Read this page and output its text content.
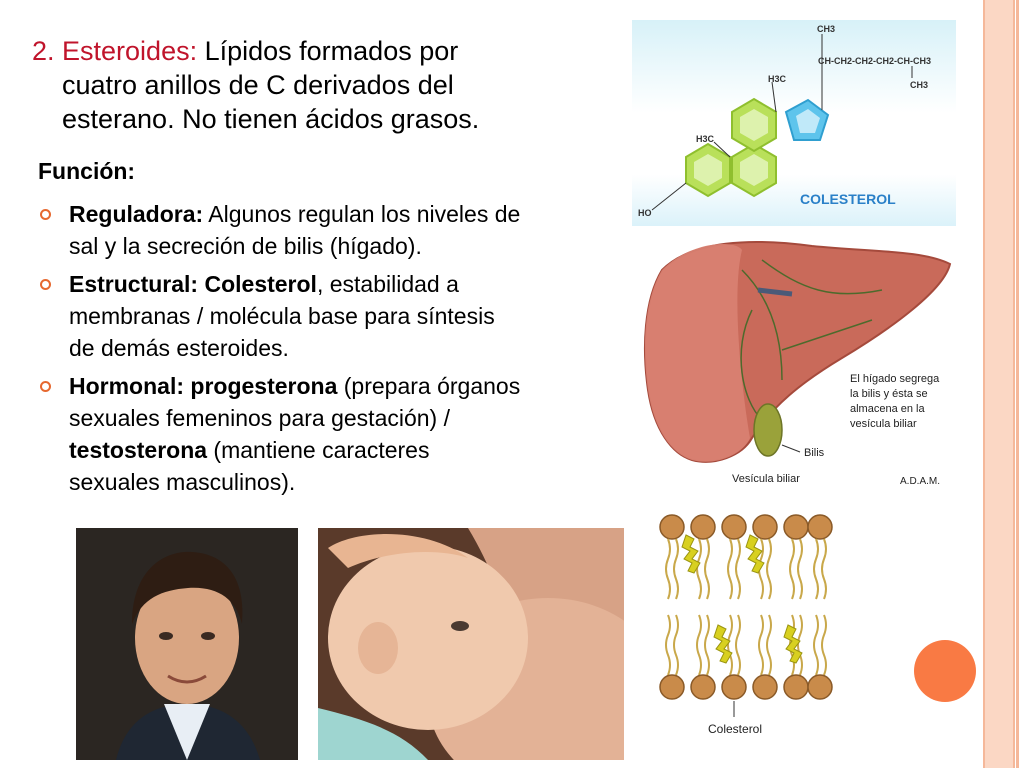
2. Esteroides: Lípidos formados por
cuatro anillos de C derivados del
esterano. No tienen ácidos grasos.
Función:
Reguladora: Algunos regulan los niveles de
sal y la secreción de bilis (hígado).
Estructural: Colesterol, estabilidad a
membranas / molécula base para síntesis
de demás esteroides.
Hormonal: progesterona (prepara órganos
sexuales femeninos para gestación) /
testosterona (mantiene caracteres
sexuales masculinos).
CH3
CH-CH2-CH2-CH2-CH-CH3
CH3
H3C
H3C
HO
COLESTEROL
El hígado segrega
la bilis y ésta se
almacena en la
vesícula biliar
Bilis
Vesícula biliar	A.D.A.M.
Colesterol
